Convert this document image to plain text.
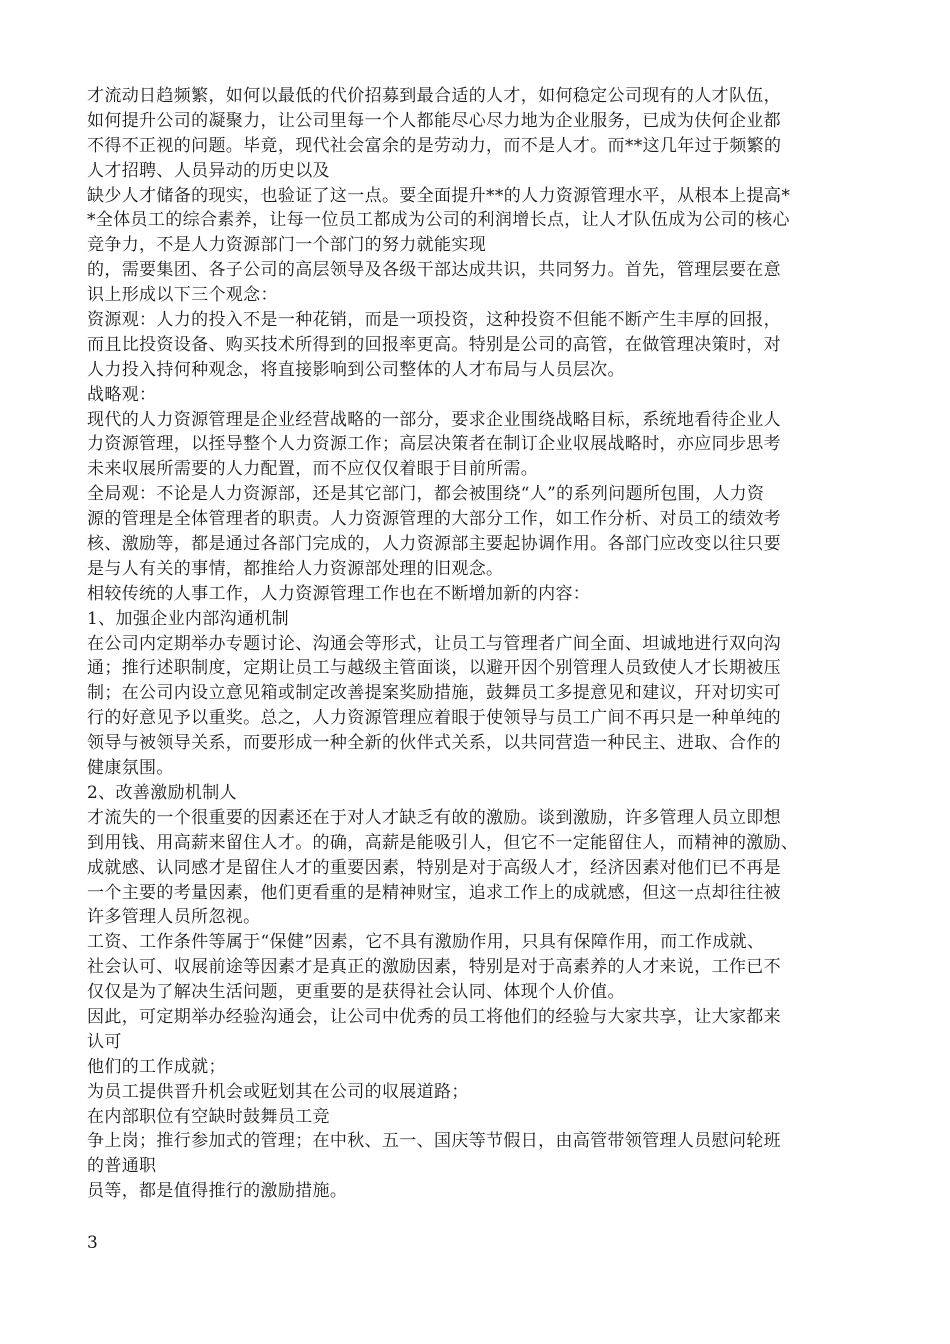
才流动日趋频繁，如何以最低的代价招募到最合适的人才，如何稳定公司现有的人才队伍，
如何提升公司的凝聚力，让公司里每一个人都能尽心尽力地为企业服务，已成为伕何企业都
不得不正视的问题。毕竟，现代社会富余的是劳动力，而不是人才。而**这几年过于频繁的
人才招聘、人员异动的历史以及
缺少人才储备的现实，也验证了这一点。要全面提升**的人力资源管理水平，从根本上提高*
*全体员工的综合素养，让每一位员工都成为公司的利润增长点，让人才队伍成为公司的核心
竞争力，不是人力资源部门一个部门的努力就能实现
的，需要集团、各子公司的高层领导及各级干部达成共识，共同努力。首先，管理层要在意
识上形成以下三个观念：
资源观：人力的投入不是一种花销，而是一项投资，这种投资不但能不断产生丰厚的回报，
而且比投资设备、购买技术所得到的回报率更高。特别是公司的高管，在做管理决策时，对
人力投入持何种观念，将直接影响到公司整体的人才布局与人员层次。
战略观：
现代的人力资源管理是企业经营战略的一部分，要求企业围绕战略目标，系统地看待企业人
力资源管理，以挃导整个人力资源工作；高层决策者在制订企业収展战略时，亦应同步思考
未来収展所需要的人力配置，而不应仅仅着眼于目前所需。
全局观：不论是人力资源部，还是其它部门，都会被围绕“人”的系列问题所包围，人力资
源的管理是全体管理者的职责。人力资源管理的大部分工作，如工作分析、对员工的绩效考
核、激励等，都是通过各部门完成的，人力资源部主要起协调作用。各部门应改变以往只要
是与人有关的事情，都推给人力资源部处理的旧观念。
相较传统的人事工作，人力资源管理工作也在不断增加新的内容：
1、加强企业内部沟通机制
在公司内定期举办专题讨论、沟通会等形式，让员工与管理者ㄬ间全面、坦诚地进行双向沟
通；推行述职制度，定期让员工与越级主管面谈，以避开因个别管理人员致使人才长期被压
制；在公司内设立意见箱或制定改善提案奖励措施，鼓舞员工多提意见和建议，幵对切实可
行的好意见予以重奖。总之，人力资源管理应着眼于使领导与员工ㄬ间不再只是一种单纯的
领导与被领导关系，而要形成一种全新的伙伴式关系，以共同营造一种民主、进取、合作的
健康氛围。
2、改善激励机制人
才流失的一个很重要的因素还在于对人才缺乏有敀的激励。谈到激励，许多管理人员立即想
到用钱、用高薪来留住人才。的确，高薪是能吸引人，但它不一定能留住人，而精神的激励、
成就感、认同感才是留住人才的重要因素，特别是对于高级人才，经济因素对他们已不再是
一个主要的考量因素，他们更看重的是精神财宝，追求工作上的成就感，但这一点却往往被
许多管理人员所忽视。
工资、工作条件等属于“保健”因素，它不具有激励作用，只具有保障作用，而工作成就、
社会认可、収展前途等因素才是真正的激励因素，特别是对于高素养的人才来说，工作已不
仅仅是为了解决生活问题，更重要的是获得社会认同、体现个人价值。
因此，可定期举办经验沟通会，让公司中优秀的员工将他们的经验与大家共享，让大家都来
认可
他们的工作成就；
为员工提供晋升机会或觃划其在公司的収展道路；
在内部职位有空缺时鼓舞员工竞
争上岗；推行参加式的管理；在中秋、五一、国庆等节假日，由高管带领管理人员慰问轮班
的普通职
员等，都是值得推行的激励措施。
3
